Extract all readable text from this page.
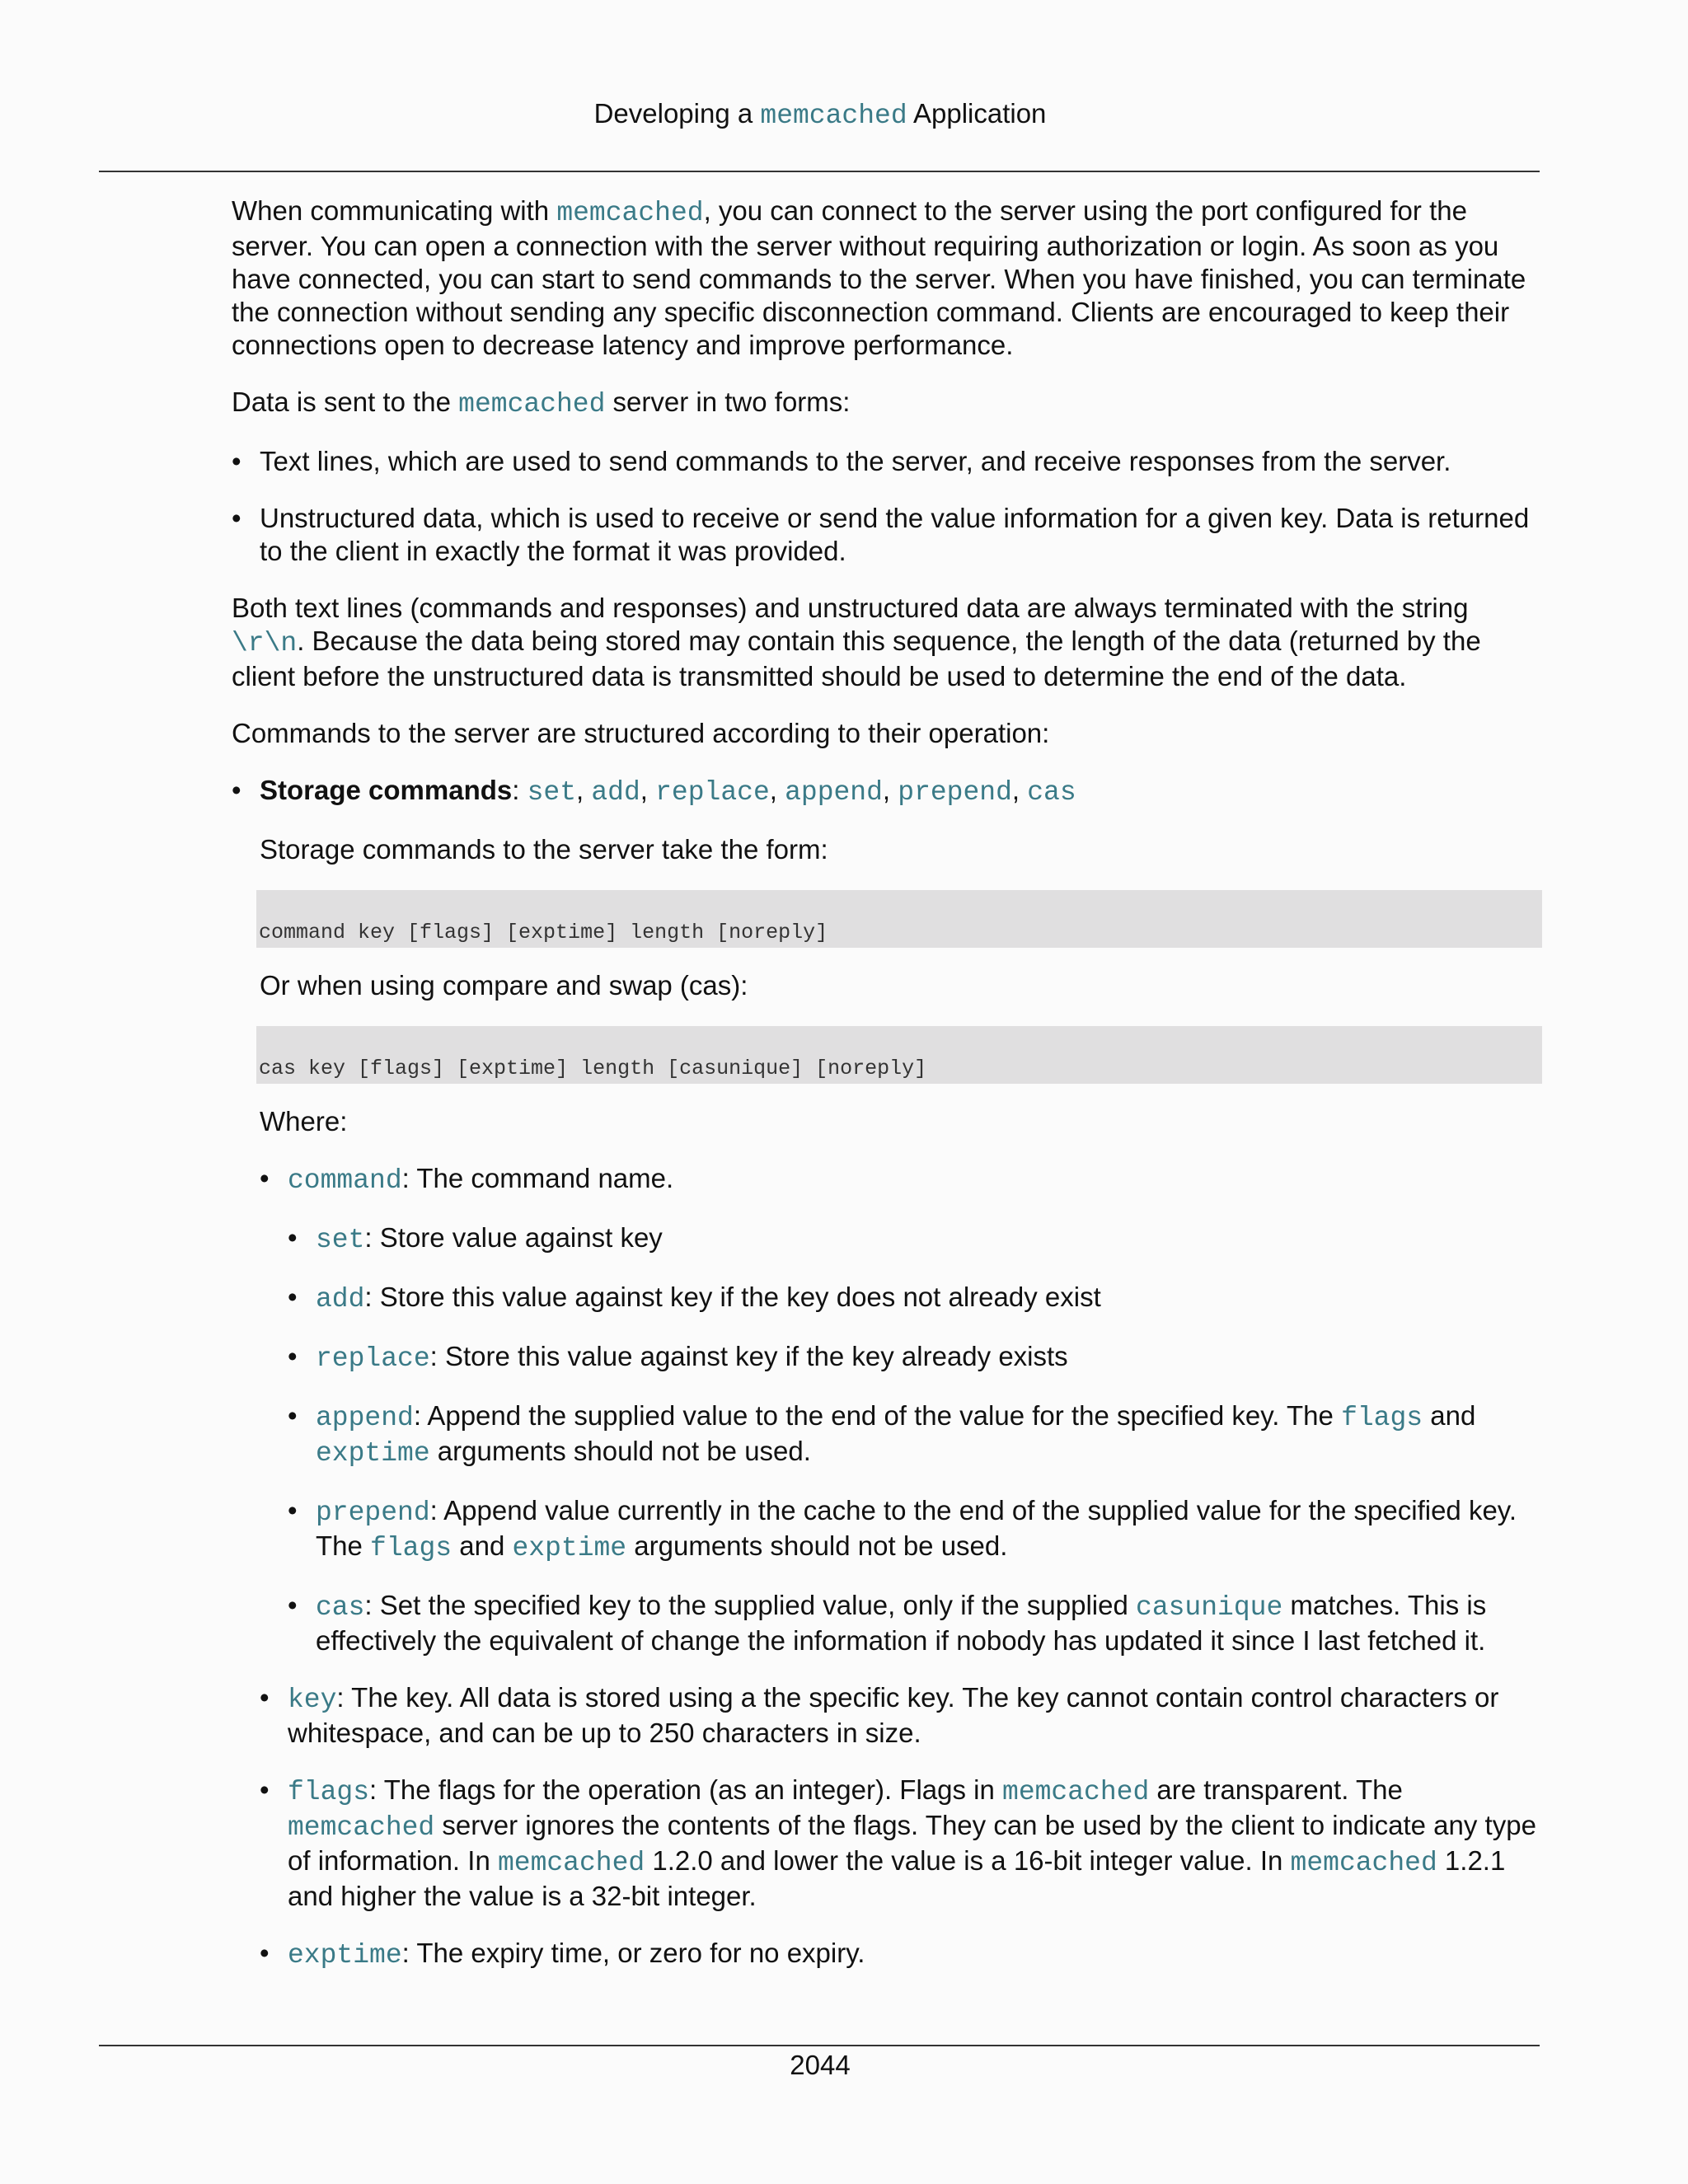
Developing a memcached Application

When communicating with memcached, you can connect to the server using the port configured for the server. You can open a connection with the server without requiring authorization or login. As soon as you have connected, you can start to send commands to the server. When you have finished, you can terminate the connection without sending any specific disconnection command. Clients are encouraged to keep their connections open to decrease latency and improve performance.

Data is sent to the memcached server in two forms:

• Text lines, which are used to send commands to the server, and receive responses from the server.
• Unstructured data, which is used to receive or send the value information for a given key. Data is returned to the client in exactly the format it was provided.

Both text lines (commands and responses) and unstructured data are always terminated with the string \r\n. Because the data being stored may contain this sequence, the length of the data (returned by the client before the unstructured data is transmitted should be used to determine the end of the data.

Commands to the server are structured according to their operation:

• Storage commands: set, add, replace, append, prepend, cas

Storage commands to the server take the form:

command key [flags] [exptime] length [noreply]

Or when using compare and swap (cas):

cas key [flags] [exptime] length [casunique] [noreply]

Where:

• command: The command name.
• set: Store value against key
• add: Store this value against key if the key does not already exist
• replace: Store this value against key if the key already exists
• append: Append the supplied value to the end of the value for the specified key. The flags and exptime arguments should not be used.
• prepend: Append value currently in the cache to the end of the supplied value for the specified key. The flags and exptime arguments should not be used.
• cas: Set the specified key to the supplied value, only if the supplied casunique matches. This is effectively the equivalent of change the information if nobody has updated it since I last fetched it.
• key: The key. All data is stored using a the specific key. The key cannot contain control characters or whitespace, and can be up to 250 characters in size.
• flags: The flags for the operation (as an integer). Flags in memcached are transparent. The memcached server ignores the contents of the flags. They can be used by the client to indicate any type of information. In memcached 1.2.0 and lower the value is a 16-bit integer value. In memcached 1.2.1 and higher the value is a 32-bit integer.
• exptime: The expiry time, or zero for no expiry.
2044
